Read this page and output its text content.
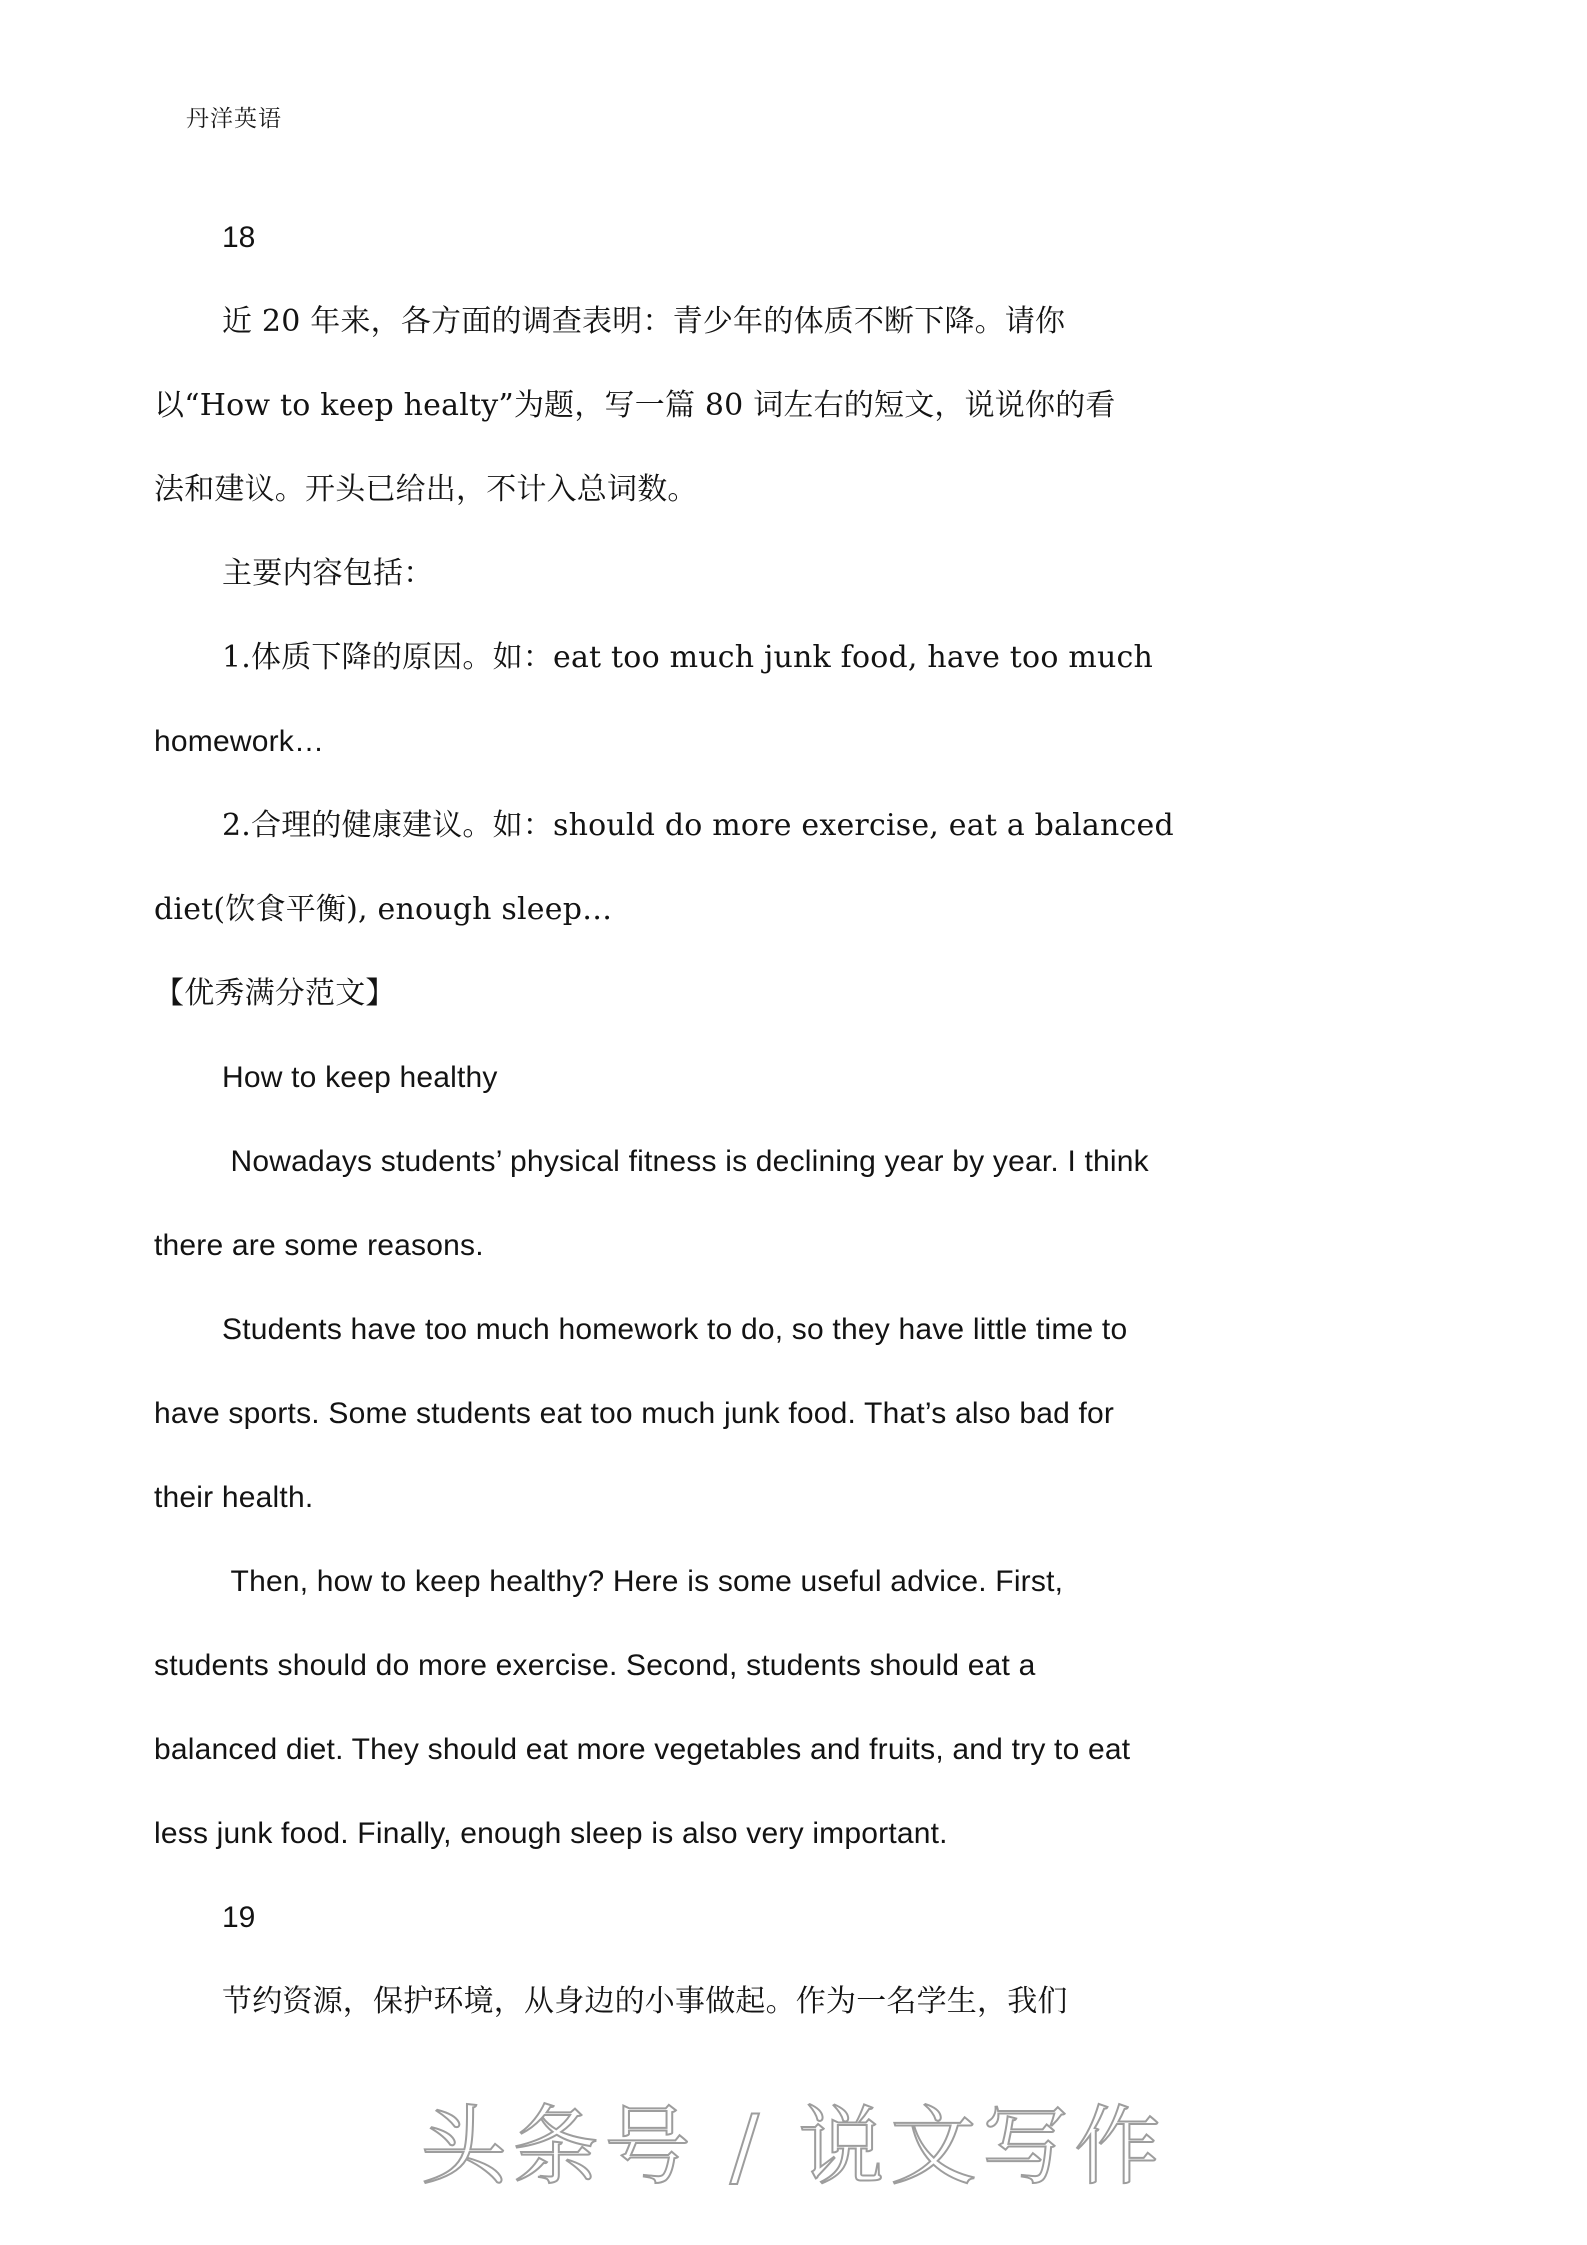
丹洋英语
18
近 20 年来，各方面的调查表明：青少年的体质不断下降。请你
以“How to keep healty”为题，写一篇 80 词左右的短文，说说你的看
法和建议。开头已给出，不计入总词数。
主要内容包括：
1.体质下降的原因。如：eat too much junk food, have too much
homework…
2.合理的健康建议。如：should do more exercise, eat a balanced
diet(饮食平衡), enough sleep…
【优秀满分范文】
How to keep healthy
Nowadays students’ physical fitness is declining year by year. I think
there are some reasons.
Students have too much homework to do, so they have little time to
have sports. Some students eat too much junk food. That’s also bad for
their health.
Then, how to keep healthy? Here is some useful advice. First,
students should do more exercise. Second, students should eat a
balanced diet. They should eat more vegetables and fruits, and try to eat
less junk food. Finally, enough sleep is also very important.
19
节约资源，保护环境，从身边的小事做起。作为一名学生，我们
头条号 / 说文写作
